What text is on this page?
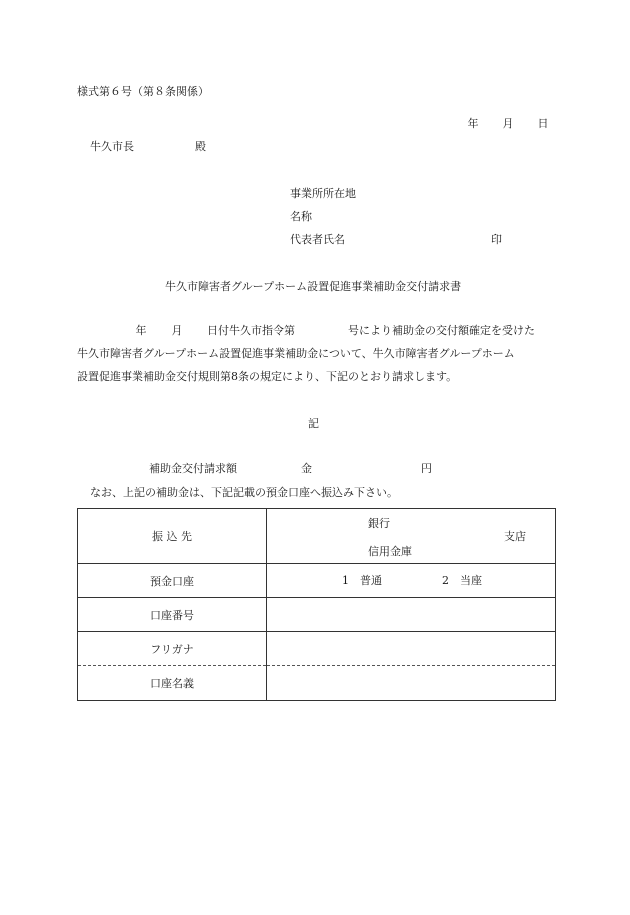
様式第６号（第８条関係）
年 月 日
牛久市長	殿
事業所所在地
名称
代表者氏名	印
牛久市障害者グループホーム設置促進事業補助金交付請求書
年 月 日付牛久市指令第	号により補助金の交付額確定を受けた
牛久市障害者グループホーム設置促進事業補助金について、牛久市障害者グループホーム
設置促進事業補助金交付規則第8条の規定により、下記のとおり請求します。
記
補助金交付請求額	金	円
なお、上記の補助金は、下記記載の預金口座へ振込み下さい。
振 込 先	銀行
支店
信用金庫

預金口座	1 普通 2 当座

口座番号	
フリガナ	
口座名義	
